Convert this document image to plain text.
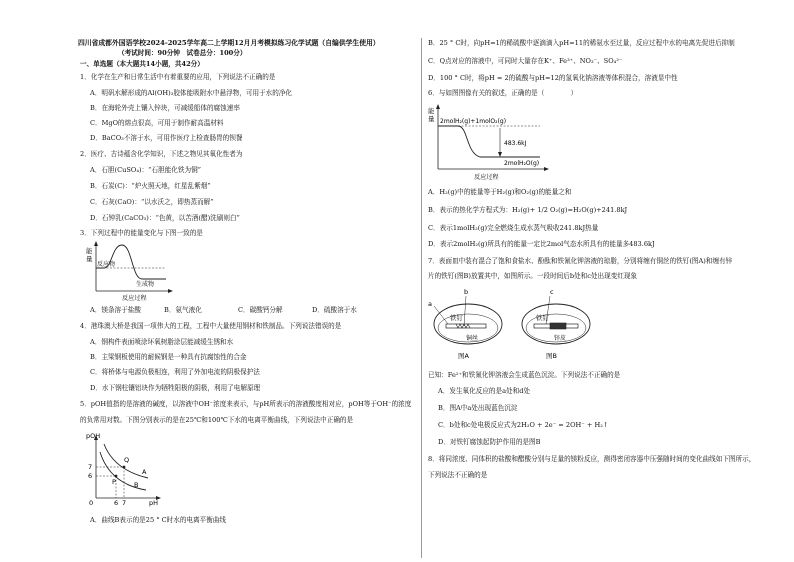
四川省成都外国语学校2024-2025学年高二上学期12月月考模拟练习化学试题（自编供学生使用）
（考试时间：90分钟　试卷总分：100分）
一、单选题（本大题共14小题，共42分）
1．化学在生产和日常生活中有着重要的应用，下列说法不正确的是
A．明矾水解形成的Al(OH)₃胶体能吸附水中悬浮物，可用于水的净化
B．在海轮外壳上镶入锌块，可减缓船体的腐蚀速率
C．MgO的熔点很高，可用于制作耐高温材料
D．BaCO₃不溶于水，可用作医疗上检查肠胃的钡餐
2．医疗、古诗蕴含化学知识，下述之物见其氧化性者为
A．石胆(CuSO₄)：“石胆能化铁为铜”
B．石炭(C)：“炉火照天地，红星乱紫烟”
C．石灰(CaO)：“以水沃之，即热蒸而解”
D．石钟乳(CaCO₃)：“色黄，以苦酒(醋)洗刷则白”
3．下列过程中的能量变化与下图一致的是
能
量
反应物
生成物
反应过程
A．镁条溶于盐酸	B．氨气液化	C．碳酸钙分解	D．硫酸溶于水
4．港珠澳大桥是我国一项伟大的工程，工程中大量使用钢材和铁制品。下列说法错误的是
A．钢构件表面喷涂环氧树脂涂层能减缓生锈和水
B．主梁钢板使用的耐候钢是一种具有抗腐蚀性的合金
C．将桥体与电源负极相连，利用了外加电流的阴极保护法
D．水下钢柱镶铝块作为牺牲阳极的阴极，利用了电解原理
5．pOH值指的是溶液的碱度，以溶液中OH⁻浓度来表示，与pH所表示的溶液酸度相对应，pOH等于OH⁻的浓度
的负常用对数。下图分别表示的是在25℃和100℃下水的电离平衡曲线，下列说法中正确的是
pOH
pH
0
7
6
6 7
Q
A
P	B
A．曲线B表示的是25 ° C时水的电离平衡曲线
B．25 ° C时，向pH=1的稀硫酸中逐滴滴入pH=11的稀氨水至过量，反应过程中水的电离先促进后抑制
C．Q点对应的溶液中，可同时大量存在K⁺、Fe³⁺、NO₃⁻、SO₄²⁻
D．100 ° C时，将pH = 2的硫酸与pH=12的氢氧化钠溶液等体积混合，溶液显中性
6．与如图图像有关的叙述，正确的是（　　　　）
能
量 2molH₂(g)+1molO₂(g)
483.6kJ
2molH₂O(g)
反应过程
A．H₂(g)中的能量等于H₂(g)和O₂(g)的能量之和
B．表示的热化学方程式为：H₂(g)+ 1/2 O₂(g)=H₂O(g)+241.8kJ
C．表示1molH₂(g)完全燃烧生成水蒸气吸收241.8kJ热量
D．表示2molH₂(g)所具有的能量一定比2mol气态水所具有的能量多483.6kJ
7．表面皿中装有混合了饱和食盐水、酚酞和铁氰化钾溶液的琼脂，分别将缠有铜丝的铁钉(图A)和缠有锌
片的铁钉(图B)放置其中，如图所示。一段时间后b处和c处出现变红现象
a
b
铁钉
铜丝
图A
c
铁钉
锌皮
图B
已知：Fe²⁺和铁氰化钾溶液会生成蓝色沉淀。下列说法不正确的是
A．发生氧化反应的是a处和d处
B．图A中a处出现蓝色沉淀
C．b处和c处电极反应式为2H₂O + 2e⁻ = 2OH⁻ + H₂↑
D．对铁钉腐蚀起防护作用的是图B
8．将同浓度、同体积的盐酸和醋酸分别与足量的镁粉反应，测得密闭容器中压强随时间的变化曲线如下图所示，
下列说法不正确的是
